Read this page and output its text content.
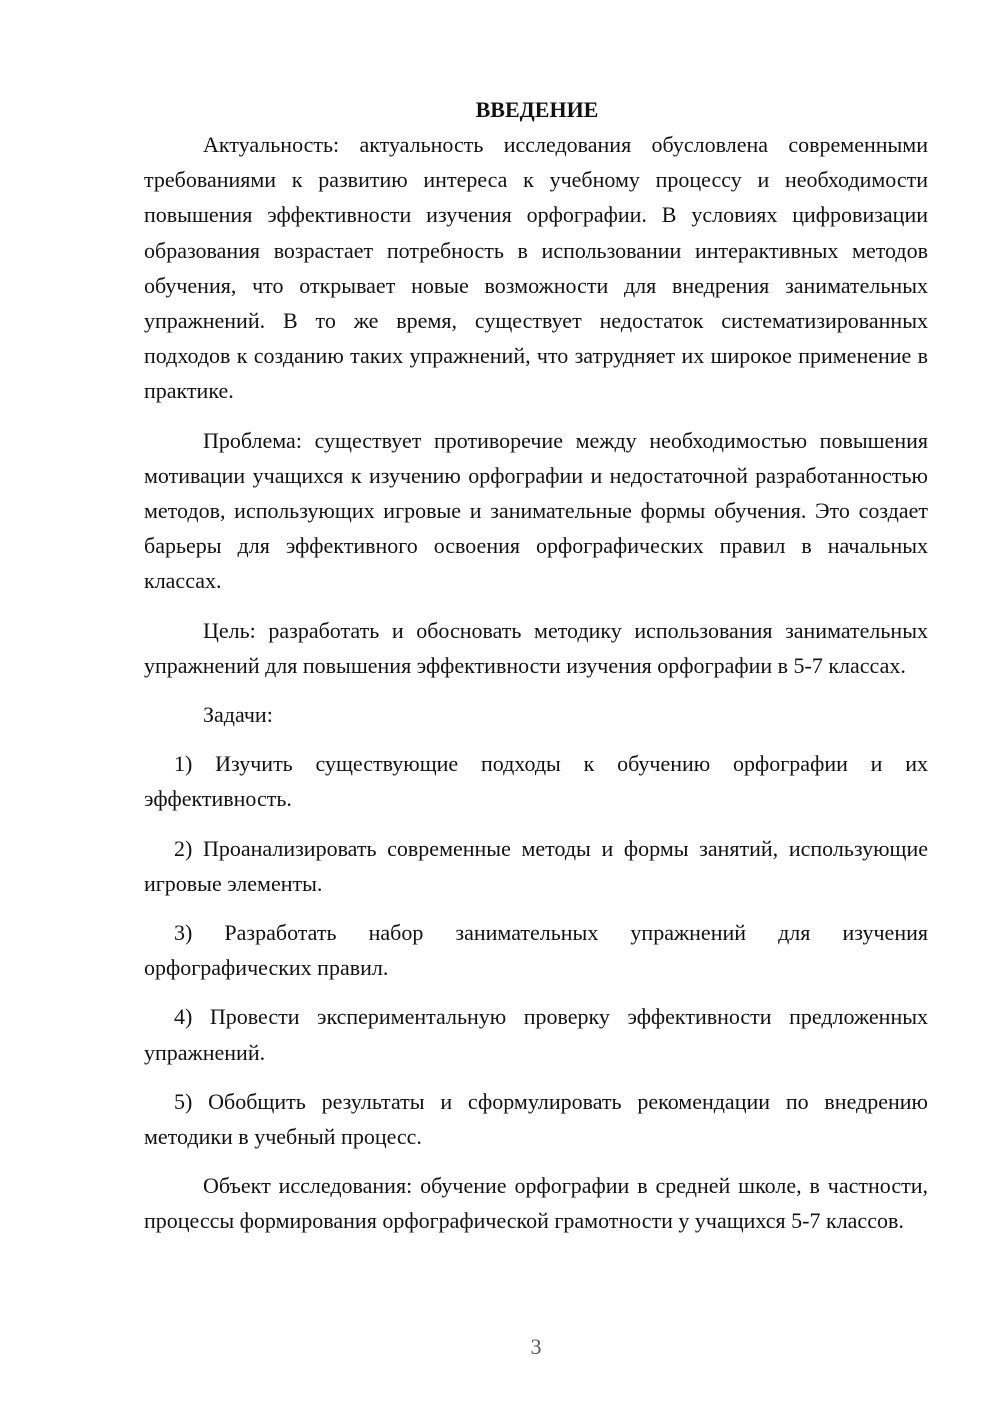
ВВЕДЕНИЕ

Актуальность: актуальность исследования обусловлена современными требованиями к развитию интереса к учебному процессу и необходимости повышения эффективности изучения орфографии. В условиях цифровизации образования возрастает потребность в использовании интерактивных методов обучения, что открывает новые возможности для внедрения занимательных упражнений. В то же время, существует недостаток систематизированных подходов к созданию таких упражнений, что затрудняет их широкое применение в практике.

Проблема: существует противоречие между необходимостью повышения мотивации учащихся к изучению орфографии и недостаточной разработанностью методов, использующих игровые и занимательные формы обучения. Это создает барьеры для эффективного освоения орфографических правил в начальных классах.

Цель: разработать и обосновать методику использования занимательных упражнений для повышения эффективности изучения орфографии в 5-7 классах.

Задачи:

1) Изучить существующие подходы к обучению орфографии и их эффективность.

2) Проанализировать современные методы и формы занятий, использующие игровые элементы.

3) Разработать набор занимательных упражнений для изучения орфографических правил.

4) Провести экспериментальную проверку эффективности предложенных упражнений.

5) Обобщить результаты и сформулировать рекомендации по внедрению методики в учебный процесс.

Объект исследования: обучение орфографии в средней школе, в частности, процессы формирования орфографической грамотности у учащихся 5-7 классов.

3
